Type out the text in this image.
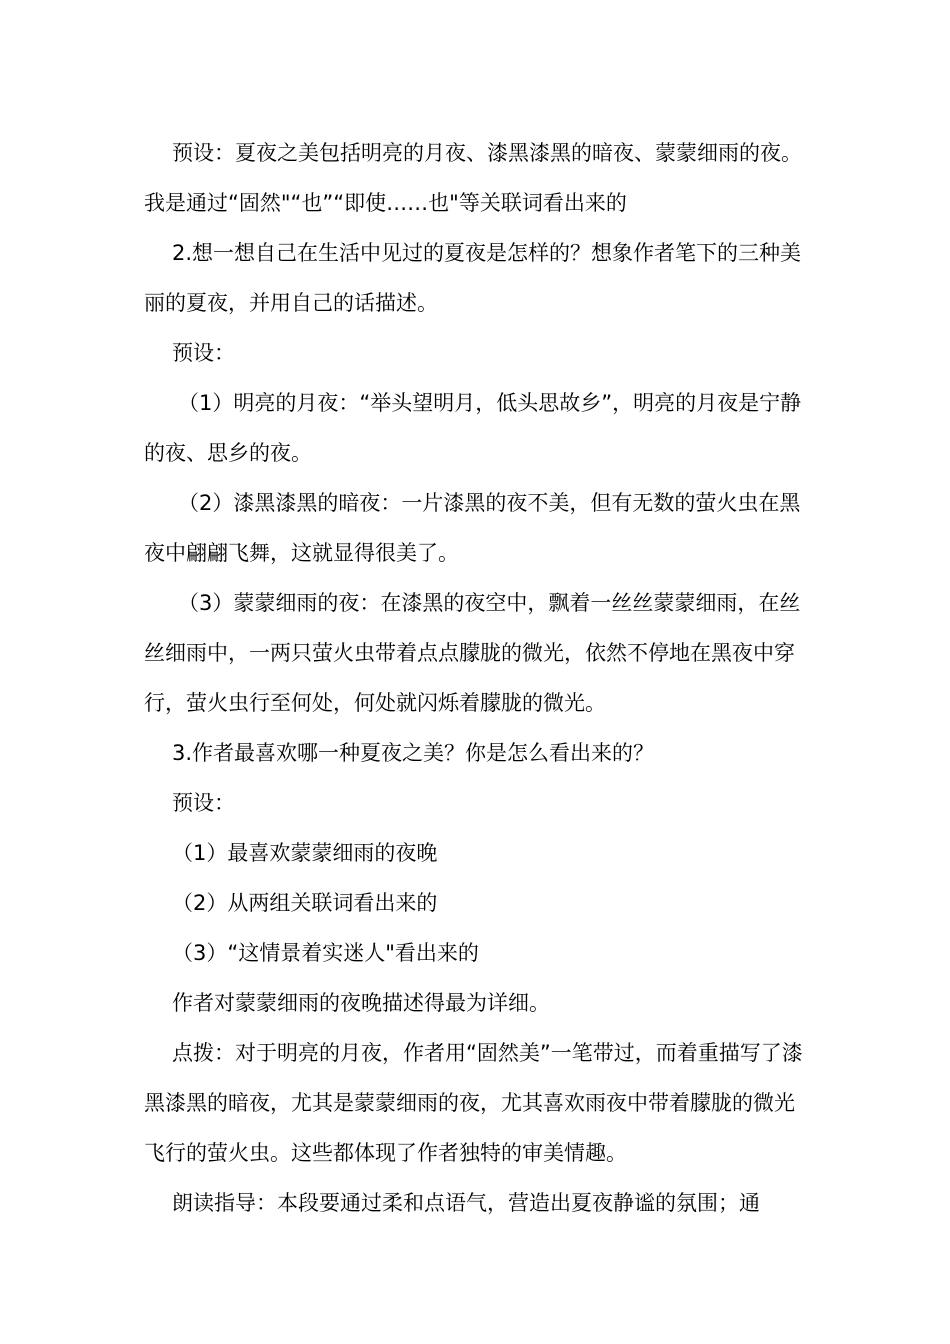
预设：夏夜之美包括明亮的月夜、漆黑漆黑的暗夜、蒙蒙细雨的夜。我是通过“固然"“也”“即使……也"等关联词看出来的

2.想一想自己在生活中见过的夏夜是怎样的？想象作者笔下的三种美丽的夏夜，并用自己的话描述。

预设：

（1）明亮的月夜：“举头望明月，低头思故乡”，明亮的月夜是宁静的夜、思乡的夜。

（2）漆黑漆黑的暗夜：一片漆黑的夜不美，但有无数的萤火虫在黑夜中翩翩飞舞，这就显得很美了。

（3）蒙蒙细雨的夜：在漆黑的夜空中，飘着一丝丝蒙蒙细雨，在丝丝细雨中，一两只萤火虫带着点点朦胧的微光，依然不停地在黑夜中穿行，萤火虫行至何处，何处就闪烁着朦胧的微光。

3.作者最喜欢哪一种夏夜之美？你是怎么看出来的？

预设：

（1）最喜欢蒙蒙细雨的夜晚

（2）从两组关联词看出来的

（3）“这情景着实迷人"看出来的

作者对蒙蒙细雨的夜晚描述得最为详细。

点拨：对于明亮的月夜，作者用“固然美”一笔带过，而着重描写了漆黑漆黑的暗夜，尤其是蒙蒙细雨的夜，尤其喜欢雨夜中带着朦胧的微光飞行的萤火虫。这些都体现了作者独特的审美情趣。

朗读指导：本段要通过柔和点语气，营造出夏夜静谧的氛围；通
